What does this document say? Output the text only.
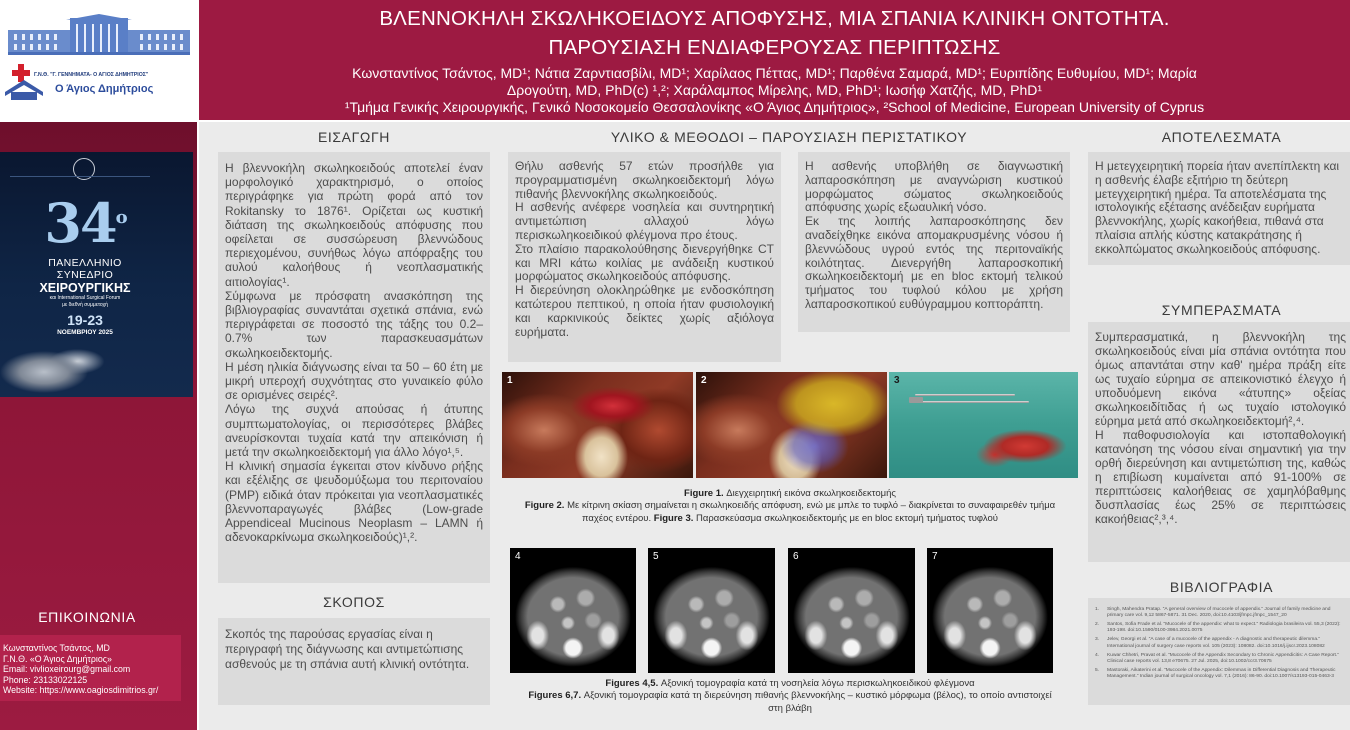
Γ.Ν.Θ. "Γ. ΓΕΝΝΗΜΑΤΑ- Ο ΑΓΙΟΣ ΔΗΜΗΤΡΙΟΣ"
Ο Άγιος Δημήτριος
ΒΛΕΝΝΟΚΗΛΗ ΣΚΩΛΗΚΟΕΙΔΟΥΣ ΑΠΟΦΥΣΗΣ, ΜΙΑ ΣΠΑΝΙΑ ΚΛΙΝΙΚΗ ΟΝΤΟΤΗΤΑ.
ΠΑΡΟΥΣΙΑΣΗ ΕΝΔΙΑΦΕΡΟΥΣΑΣ ΠΕΡΙΠΤΩΣΗΣ
Κωνσταντίνος Τσάντος, MD¹; Νάτια Ζαρντιασβίλι, MD¹; Χαρίλαος Πέττας, MD¹; Παρθένα Σαμαρά, MD¹; Ευριπίδης Ευθυμίου, MD¹; Μαρία
Δρογούτη, MD, PhD(c) ¹,²; Χαράλαμπος Μίρελης, MD, PhD¹; Ιωσήφ Χατζής, MD, PhD¹
¹Τμήμα Γενικής Χειρουργικής, Γενικό Νοσοκομείο Θεσσαλονίκης «Ο Άγιος Δημήτριος», ²School of Medicine, European University of Cyprus
$34^o$
ΠΑΝΕΛΛΗΝΙΟ
ΣΥΝΕΔΡΙΟ
ΧΕΙΡΟΥΡΓΙΚΗΣ
και International Surgical Forum
με διεθνή συμμετοχή
19-23
ΝΟΕΜΒΡΙΟΥ 2025
ΕΠΙΚΟΙΝΩΝΙΑ
Κωνσταντίνος Τσάντος, MD
Γ.Ν.Θ. «Ο Άγιος Δημήτριος»
Email: vivlioxeirourg@gmail.com
Phone: 23133022125
Website: https://www.oagiosdimitrios.gr/
ΕΙΣΑΓΩΓΗ

Η βλεννοκήλη σκωληκοειδούς αποτελεί έναν μορφολογικό χαρακτηρισμό, ο οποίος περιγράφηκε για πρώτη φορά από τον Rokitansky το 1876¹. Ορίζεται ως κυστική διάταση της σκωληκοειδούς απόφυσης που οφείλεται σε συσσώρευση βλεννώδους περιεχομένου, συνήθως λόγω απόφραξης του αυλού καλοήθους ή νεοπλασματικής αιτιολογίας¹.

Σύμφωνα με πρόσφατη ανασκόπηση της βιβλιογραφίας συναντάται σχετικά σπάνια, ενώ περιγράφεται σε ποσοστό της τάξης του 0.2–0.7% των παρασκευασμάτων σκωληκοειδεκτομής.

Η μέση ηλικία διάγνωσης είναι τα 50 – 60 έτη με μικρή υπεροχή συχνότητας στο γυναικείο φύλο σε ορισμένες σειρές².

Λόγω της συχνά απούσας ή άτυπης συμπτωματολογίας, οι περισσότερες βλάβες ανευρίσκονται τυχαία κατά την απεικόνιση ή μετά την σκωληκοειδεκτομή για άλλο λόγο¹,⁵.

Η κλινική σημασία έγκειται στον κίνδυνο ρήξης και εξέλιξης σε ψευδομύξωμα του περιτοναίου (PMP) ειδικά όταν πρόκειται για νεοπλασματικές βλεννοπαραγωγές βλάβες (Low-grade Appendiceal Mucinous Neoplasm – LAMN ή αδενοκαρκίνωμα σκωληκοειδούς)¹,².

ΣΚΟΠΟΣ

Σκοπός της παρούσας εργασίας είναι η περιγραφή της διάγνωσης και αντιμετώπισης ασθενούς με τη σπάνια αυτή κλινική οντότητα.

ΥΛΙΚΟ & ΜΕΘΟΔΟΙ – ΠΑΡΟΥΣΙΑΣΗ ΠΕΡΙΣΤΑΤΙΚΟΥ

Θήλυ ασθενής 57 ετών προσήλθε για προγραμματισμένη σκωληκοειδεκτομή λόγω πιθανής βλεννοκήλης σκωληκοειδούς.

Η ασθενής ανέφερε νοσηλεία και συντηρητική αντιμετώπιση αλλαχού λόγω περισκωληκοειδικού φλέγμονα προ έτους.

Στο πλαίσιο παρακολούθησης διενεργήθηκε CT και MRI κάτω κοιλίας με ανάδειξη κυστικού μορφώματος σκωληκοειδούς απόφυσης.

Η διερεύνηση ολοκληρώθηκε με ενδοσκόπηση κατώτερου πεπτικού, η οποία ήταν φυσιολογική και καρκινικούς δείκτες χωρίς αξιόλογα ευρήματα.

Η ασθενής υποβλήθη σε διαγνωστική λαπαροσκόπηση με αναγνώριση κυστικού μορφώματος σώματος σκωληκοειδούς απόφυσης χωρίς εξωαυλική νόσο.

Εκ της λοιπής λαπαροσκόπησης δεν αναδείχθηκε εικόνα απομακρυσμένης νόσου ή βλεννώδους υγρού εντός της περιτοναϊκής κοιλότητας. Διενεργήθη λαπαροσκοπική σκωληκοειδεκτομή με en bloc εκτομή τελικού τμήματος του τυφλού κόλου με χρήση λαπαροσκοπικού ευθύγραμμου κοπτοράπτη.

1	2	3
Figure 1. Διεγχειρητική εικόνα σκωληκοειδεκτομής
Figure 2. Με κίτρινη σκίαση σημαίνεται η σκωληκοειδής απόφυση, ενώ με μπλε το τυφλό – διακρίνεται το συναφαιρεθέν τμήμα παχέος εντέρου. Figure 3. Παρασκεύασμα σκωληκοειδεκτομής με en bloc εκτομή τμήματος τυφλού
4	5	6	7
Figures 4,5. Αξονική τομογραφία κατά τη νοσηλεία λόγω περισκωληκοειδικού φλέγμονα
Figures 6,7. Αξονική τομογραφία κατά τη διερεύνηση πιθανής βλεννοκήλης – κυστικό μόρφωμα (βέλος), το οποίο αντιστοιχεί στη βλάβη
ΑΠΟΤΕΛΕΣΜΑΤΑ

Η μετεγχειρητική πορεία ήταν ανεπίπλεκτη και η ασθενής έλαβε εξιτήριο τη δεύτερη μετεγχειρητική ημέρα. Τα αποτελέσματα της ιστολογικής εξέτασης ανέδειξαν ευρήματα βλεννοκήλης, χωρίς κακοήθεια, πιθανά στα πλαίσια απλής κύστης κατακράτησης ή εκκολπώματος σκωληκοειδούς απόφυσης.

ΣΥΜΠΕΡΑΣΜΑΤΑ

Συμπερασματικά, η βλεννοκήλη της σκωληκοειδούς είναι μία σπάνια οντότητα που όμως απαντάται στην καθ' ημέρα πράξη είτε ως τυχαίο εύρημα σε απεικονιστικό έλεγχο ή υποδυόμενη εικόνα «άτυπης» οξείας σκωληκοειδίτιδας ή ως τυχαίο ιστολογικό εύρημα μετά από σκωληκοειδεκτομή²,⁴.

Η παθοφυσιολογία και ιστοπαθολογική κατανόηση της νόσου είναι σημαντική για την ορθή διερεύνηση και αντιμετώπιση της, καθώς η επιβίωση κυμαίνεται από 91-100% σε περιπτώσεις καλοήθειας σε χαμηλόβαθμης δυσπλασίας έως 25% σε περιπτώσεις κακοήθειας²,³,⁴.

ΒΙΒΛΙΟΓΡΑΦΙΑ
1. Singh, Mahendra Pratap. “A general overview of mucocele of appendix.” Journal of family medicine and primary care vol. 9,12 5867-5871. 31 Dec. 2020, doi:10.4103/jfmpc.jfmpc_1547_20
2. Santos, Sofia Frade et al. “Mucocele of the appendix: what to expect.” Radiologia brasileira vol. 55,3 (2022): 193-198. doi:10.1590/0100-3984.2021.0075
3. Jelev, Georgi et al. “A case of a mucocele of the appendix - A diagnostic and therapeutic dilemma.” International journal of surgery case reports vol. 105 (2023): 108082. doi:10.1016/j.ijscr.2023.108082
4. Kuwar Chhetri, Pravat et al. “Mucocele of the Appendix Secondary to Chronic Appendicitis: A Case Report.” Clinical case reports vol. 13,8 e70675. 27 Jul. 2025, doi:10.1002/ccr3.70675
5. Mastoraki, Aikaterini et al. “Mucocele of the Appendix: Dilemmas in Differential Diagnosis and Therapeutic Management.” Indian journal of surgical oncology vol. 7,1 (2016): 86-90. doi:10.1007/s13193-015-0463-3
